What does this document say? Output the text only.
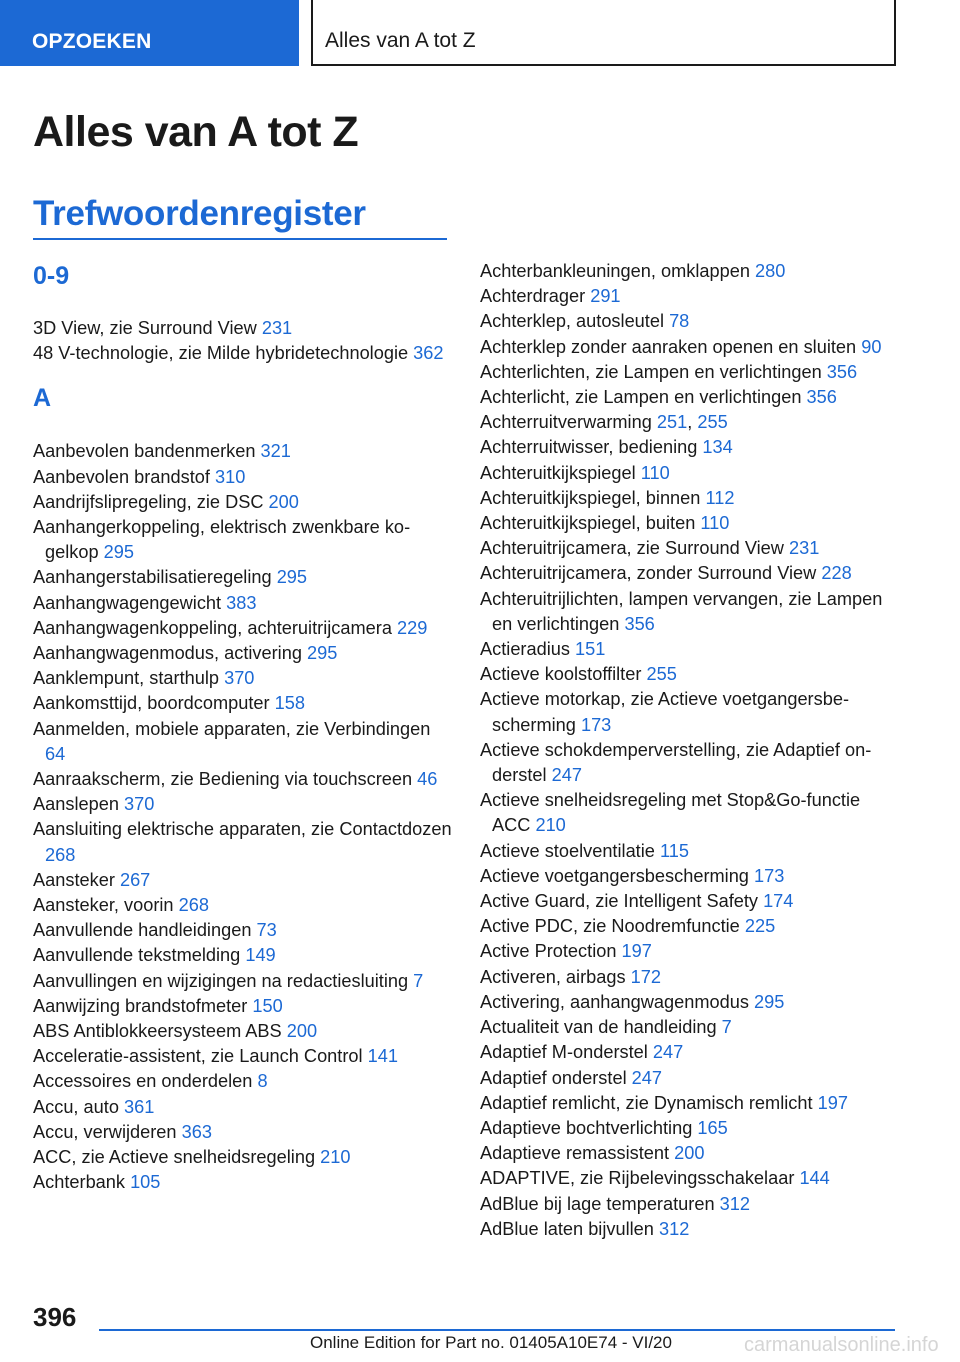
OPZOEKEN	Alles van A tot Z
Alles van A tot Z
Trefwoordenregister
0-9
3D View, zie Surround View 231
48 V-technologie, zie Milde hybridetechnologie 362
A
Aanbevolen bandenmerken 321
Aanbevolen brandstof 310
Aandrijfslipregeling, zie DSC 200
Aanhangerkoppeling, elektrisch zwenkbare kogelkop 295
Aanhangerstabilisatieregeling 295
Aanhangwagengewicht 383
Aanhangwagenkoppeling, achteruitrijcamera 229
Aanhangwagenmodus, activering 295
Aanklempunt, starthulp 370
Aankomsttijd, boordcomputer 158
Aanmelden, mobiele apparaten, zie Verbindingen 64
Aanraakscherm, zie Bediening via touchscreen 46
Aanslepen 370
Aansluiting elektrische apparaten, zie Contactdozen 268
Aansteker 267
Aansteker, voorin 268
Aanvullende handleidingen 73
Aanvullende tekstmelding 149
Aanvullingen en wijzigingen na redactiesluiting 7
Aanwijzing brandstofmeter 150
ABS Antiblokkeersysteem ABS 200
Acceleratie-assistent, zie Launch Control 141
Accessoires en onderdelen 8
Accu, auto 361
Accu, verwijderen 363
ACC, zie Actieve snelheidsregeling 210
Achterbank 105
Achterbankleuningen, omklappen 280
Achterdrager 291
Achterklep, autosleutel 78
Achterklep zonder aanraken openen en sluiten 90
Achterlichten, zie Lampen en verlichtingen 356
Achterlicht, zie Lampen en verlichtingen 356
Achterruitverwarming 251, 255
Achterruitwisser, bediening 134
Achteruitkijkspiegel 110
Achteruitkijkspiegel, binnen 112
Achteruitkijkspiegel, buiten 110
Achteruitrijcamera, zie Surround View 231
Achteruitrijcamera, zonder Surround View 228
Achteruitrijlichten, lampen vervangen, zie Lampen en verlichtingen 356
Actieradius 151
Actieve koolstoffilter 255
Actieve motorkap, zie Actieve voetgangersbescherming 173
Actieve schokdemperverstelling, zie Adaptief onderstel 247
Actieve snelheidsregeling met Stop&Go-functie ACC 210
Actieve stoelventilatie 115
Actieve voetgangersbescherming 173
Active Guard, zie Intelligent Safety 174
Active PDC, zie Noodremfunctie 225
Active Protection 197
Activeren, airbags 172
Activering, aanhangwagenmodus 295
Actualiteit van de handleiding 7
Adaptief M-onderstel 247
Adaptief onderstel 247
Adaptief remlicht, zie Dynamisch remlicht 197
Adaptieve bochtverlichting 165
Adaptieve remassistent 200
ADAPTIVE, zie Rijbelevingsschakelaar 144
AdBlue bij lage temperaturen 312
AdBlue laten bijvullen 312
396
Online Edition for Part no. 01405A10E74 - VI/20	carmanualsonline.info
